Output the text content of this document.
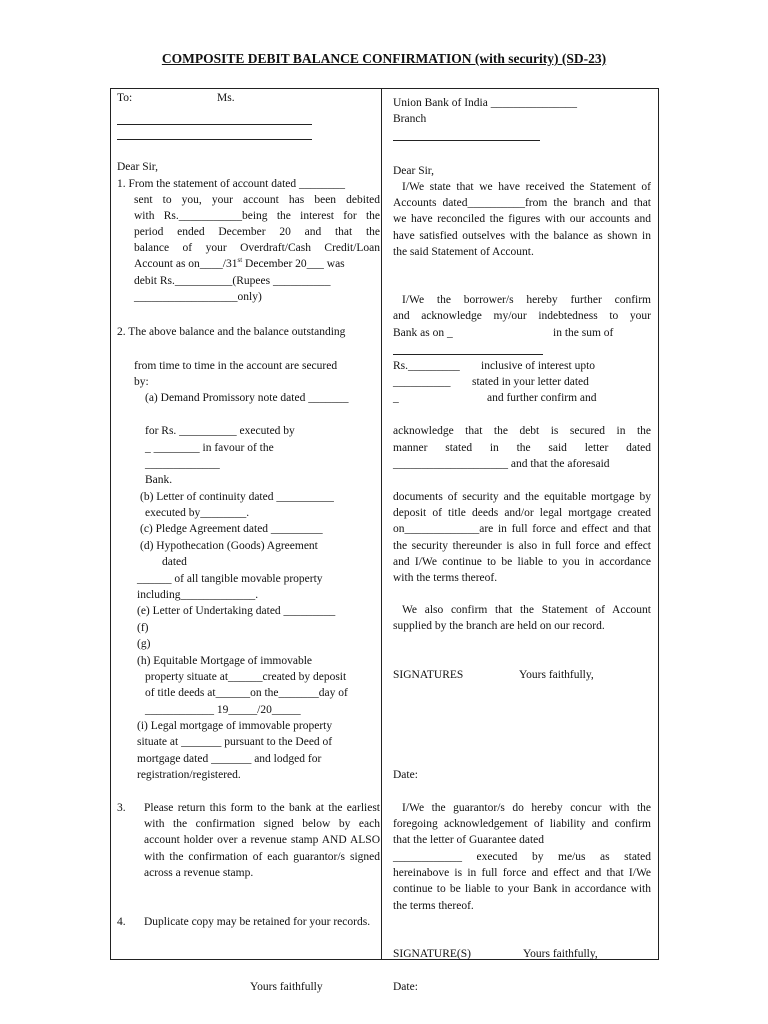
COMPOSITE DEBIT BALANCE CONFIRMATION (with security) (SD-23)
To:	Ms.
Dear Sir,
1. From the statement of account dated ________
sent to you, your account has been debited
with Rs.___________being the interest for the
period ended December 20 and that the
balance of your Overdraft/Cash Credit/Loan
Account as on____/31st December 20___ was
debit Rs.__________(Rupees __________
__________________only)
2. The above balance and the balance outstanding
from time to time in the account are secured
by:
(a) Demand Promissory note dated _______
for Rs. __________ executed by
_ ________ in favour of the
_____________
Bank.
(b) Letter of continuity dated __________
executed by________.
(c) Pledge Agreement dated _________
(d) Hypothecation (Goods) Agreement
dated
______ of all tangible movable property
including_____________.
(e) Letter of Undertaking dated _________
(f)
(g)
(h) Equitable Mortgage of immovable
property situate at______created by deposit
of title deeds at______on the_______day of
____________ 19_____/20_____
(i) Legal mortgage of immovable property
situate at _______ pursuant to the Deed of
mortgage dated _______ and lodged for
registration/registered.
3. Please return this form to the bank at the earliest with the confirmation signed below by each account holder over a revenue stamp AND ALSO with the confirmation of each guarantor/s signed across a revenue stamp.
4. Duplicate copy may be retained for your records.
Union Bank of India _______________
Branch
Dear Sir,
I/We state that we have received the Statement of Accounts dated__________from the branch and that we have reconciled the figures with our accounts and have satisfied outselves with the balance as shown in the said Statement of Account.
I/We the borrower/s hereby further confirm
and acknowledge my/our indebtedness to your
Bank as on _	in the sum of
Rs._________ inclusive of interest upto
__________ stated in your letter dated
_	and further confirm and
acknowledge that the debt is secured in the
manner stated in the said letter dated
____________________ and that the aforesaid
documents of security and the equitable mortgage by deposit of title deeds and/or legal mortgage created on_____________are in full force and effect and that the security thereunder is also in full force and effect and I/We continue to be liable to you in accordance with the terms thereof.
We also confirm that the Statement of Account supplied by the branch are held on our record.
SIGNATURES	Yours faithfully,
Date:
I/We the guarantor/s do hereby concur with the foregoing acknowledgement of liability and confirm that the letter of Guarantee dated
____________ executed by me/us as stated hereinabove is in full force and effect and that I/We continue to be liable to your Bank in accordance with the terms thereof.
SIGNATURE(S)	Yours faithfully,
Yours faithfully	Date:
